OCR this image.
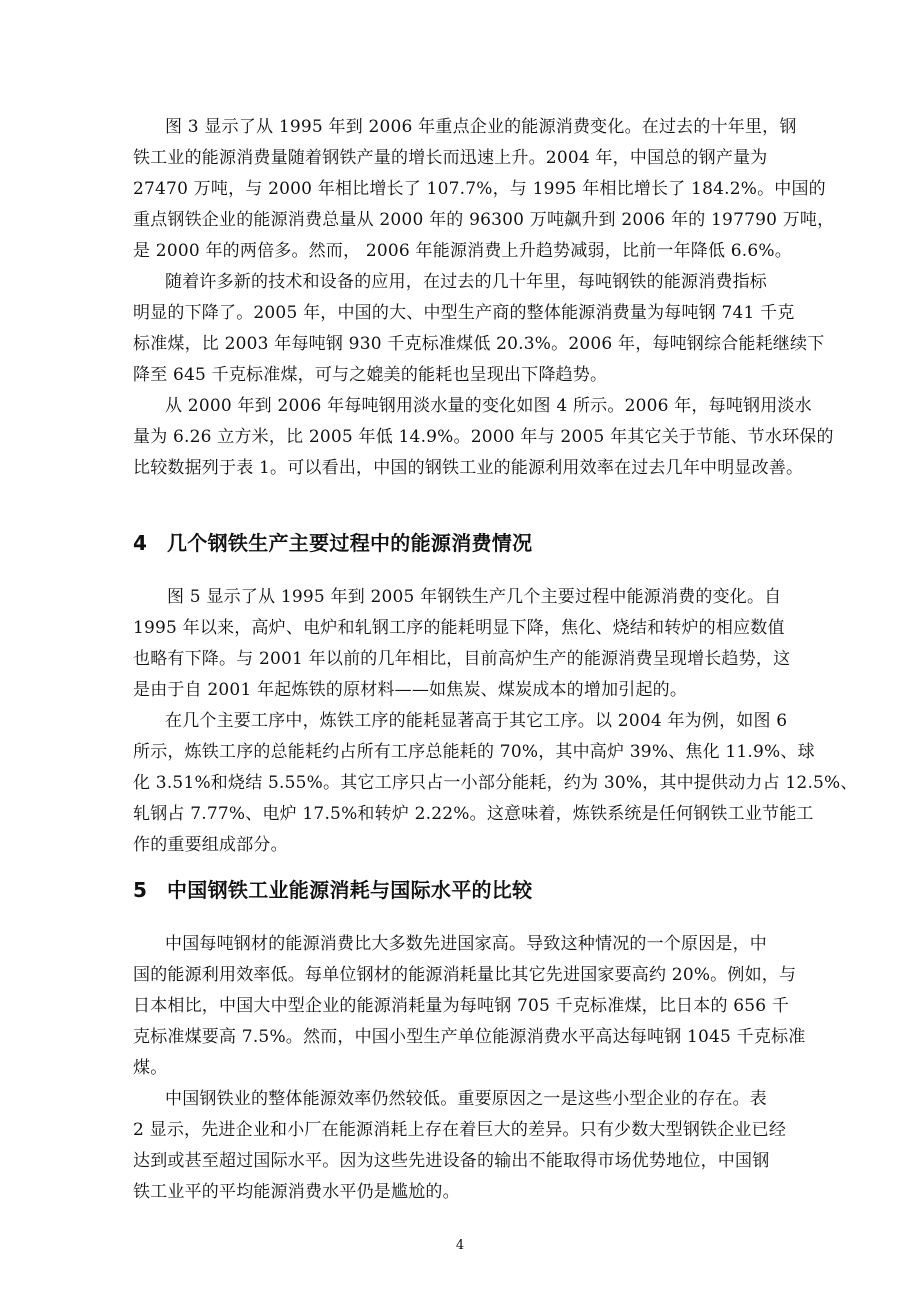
图 3 显示了从 1995 年到 2006 年重点企业的能源消费变化。在过去的十年里，钢
铁工业的能源消费量随着钢铁产量的增长而迅速上升。2004 年，中国总的钢产量为
27470 万吨，与 2000 年相比增长了 107.7%，与 1995 年相比增长了 184.2%。中国的
重点钢铁企业的能源消费总量从 2000 年的 96300 万吨飙升到 2006 年的 197790 万吨，
是 2000 年的两倍多。然而， 2006 年能源消费上升趋势减弱，比前一年降低 6.6%。
随着许多新的技术和设备的应用，在过去的几十年里，每吨钢铁的能源消费指标
明显的下降了。2005 年，中国的大、中型生产商的整体能源消费量为每吨钢 741 千克
标准煤，比 2003 年每吨钢 930 千克标准煤低 20.3%。2006 年，每吨钢综合能耗继续下
降至 645 千克标准煤，可与之媲美的能耗也呈现出下降趋势。
从 2000 年到 2006 年每吨钢用淡水量的变化如图 4 所示。2006 年，每吨钢用淡水
量为 6.26 立方米，比 2005 年低 14.9%。2000 年与 2005 年其它关于节能、节水环保的
比较数据列于表 1。可以看出，中国的钢铁工业的能源利用效率在过去几年中明显改善。
4 几个钢铁生产主要过程中的能源消费情况
图 5 显示了从 1995 年到 2005 年钢铁生产几个主要过程中能源消费的变化。自
1995 年以来，高炉、电炉和轧钢工序的能耗明显下降，焦化、烧结和转炉的相应数值
也略有下降。与 2001 年以前的几年相比，目前高炉生产的能源消费呈现增长趋势，这
是由于自 2001 年起炼铁的原材料——如焦炭、煤炭成本的增加引起的。
在几个主要工序中，炼铁工序的能耗显著高于其它工序。以 2004 年为例，如图 6
所示，炼铁工序的总能耗约占所有工序总能耗的 70%，其中高炉 39%、焦化 11.9%、球
化 3.51%和烧结 5.55%。其它工序只占一小部分能耗，约为 30%，其中提供动力占 12.5%、
轧钢占 7.77%、电炉 17.5%和转炉 2.22%。这意味着，炼铁系统是任何钢铁工业节能工
作的重要组成部分。
5 中国钢铁工业能源消耗与国际水平的比较
中国每吨钢材的能源消费比大多数先进国家高。导致这种情况的一个原因是，中
国的能源利用效率低。每单位钢材的能源消耗量比其它先进国家要高约 20%。例如，与
日本相比，中国大中型企业的能源消耗量为每吨钢 705 千克标准煤，比日本的 656 千
克标准煤要高 7.5%。然而，中国小型生产单位能源消费水平高达每吨钢 1045 千克标准
煤。
中国钢铁业的整体能源效率仍然较低。重要原因之一是这些小型企业的存在。表
2 显示，先进企业和小厂在能源消耗上存在着巨大的差异。只有少数大型钢铁企业已经
达到或甚至超过国际水平。因为这些先进设备的输出不能取得市场优势地位，中国钢
铁工业平的平均能源消费水平仍是尴尬的。
4
